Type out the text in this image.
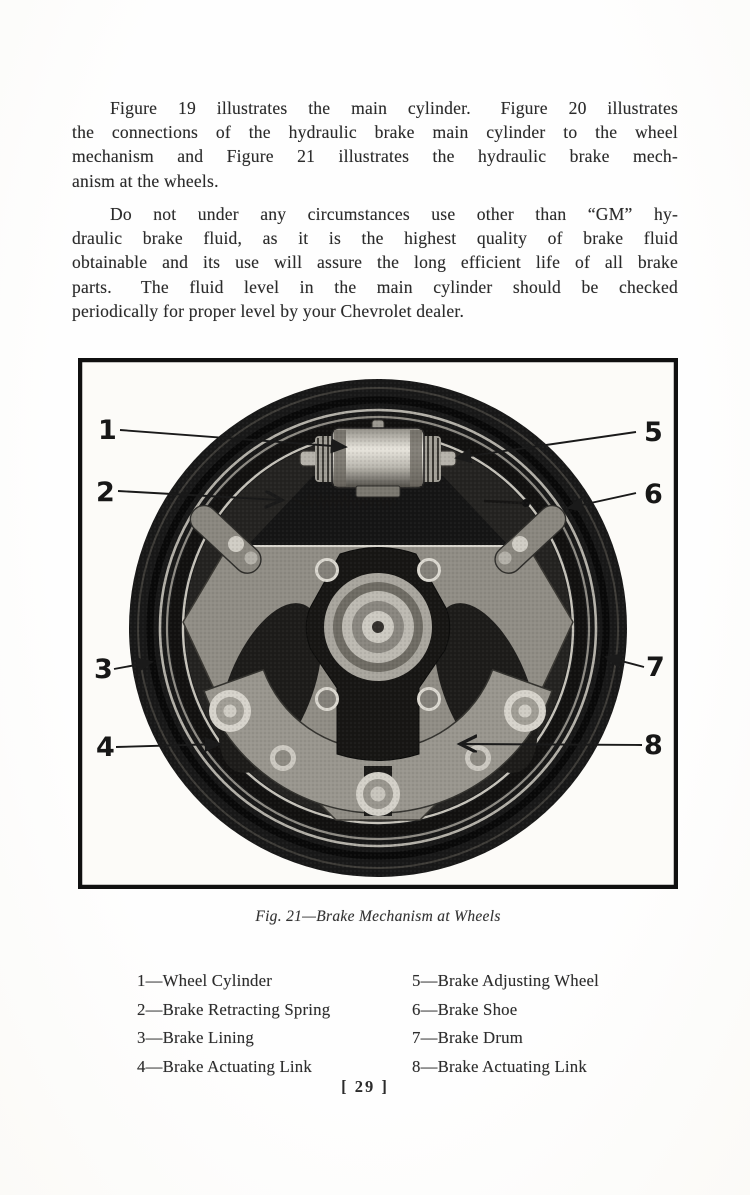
Figure 19 illustrates the main cylinder.  Figure 20 illustrates
the connections of the hydraulic brake main cylinder to the wheel
mechanism and Figure 21 illustrates the hydraulic brake mech-
anism at the wheels.
Do not under any circumstances use other than “GM” hy-
draulic brake fluid, as it is the highest quality of brake fluid
obtainable and its use will assure the long efficient life of all brake
parts.  The fluid level in the main cylinder should be checked
periodically for proper level by your Chevrolet dealer.
1
2
3
4
5
6
7
8
Fig. 21—Brake Mechanism at Wheels
1—Wheel Cylinder
2—Brake Retracting Spring
3—Brake Lining
4—Brake Actuating Link
5—Brake Adjusting Wheel
6—Brake Shoe
7—Brake Drum
8—Brake Actuating Link
[ 29 ]
